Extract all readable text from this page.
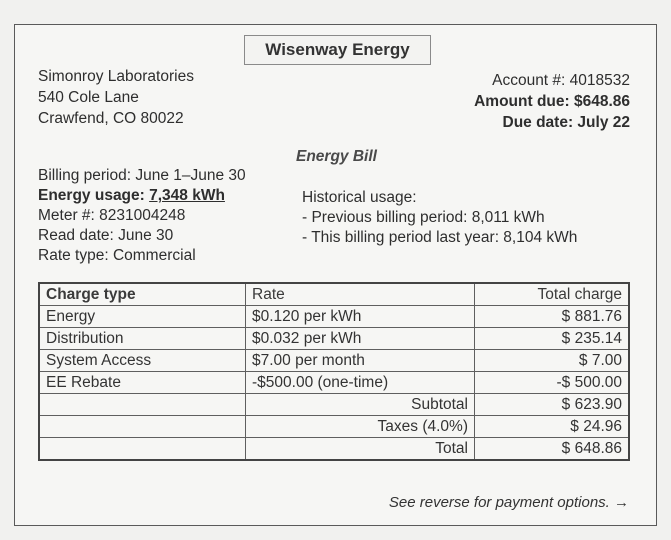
Wisenway Energy
Simonroy Laboratories
540 Cole Lane
Crawfend, CO 80022
Account #: 4018532
Amount due: $648.86
Due date: July 22
Energy Bill
Billing period: June 1–June 30
Energy usage: 7,348 kWh
Meter #: 8231004248
Read date: June 30
Rate type: Commercial
Historical usage:
- Previous billing period: 8,011 kWh
- This billing period last year: 8,104 kWh
Charge type	Rate	Total charge
Energy	$0.120 per kWh	$ 881.76
Distribution	$0.032 per kWh	$ 235.14
System Access	$7.00 per month	$ 7.00
EE Rebate	-$500.00 (one-time)	-$ 500.00
	Subtotal	$ 623.90
	Taxes (4.0%)	$ 24.96
	Total	$ 648.86
See reverse for payment options. →
